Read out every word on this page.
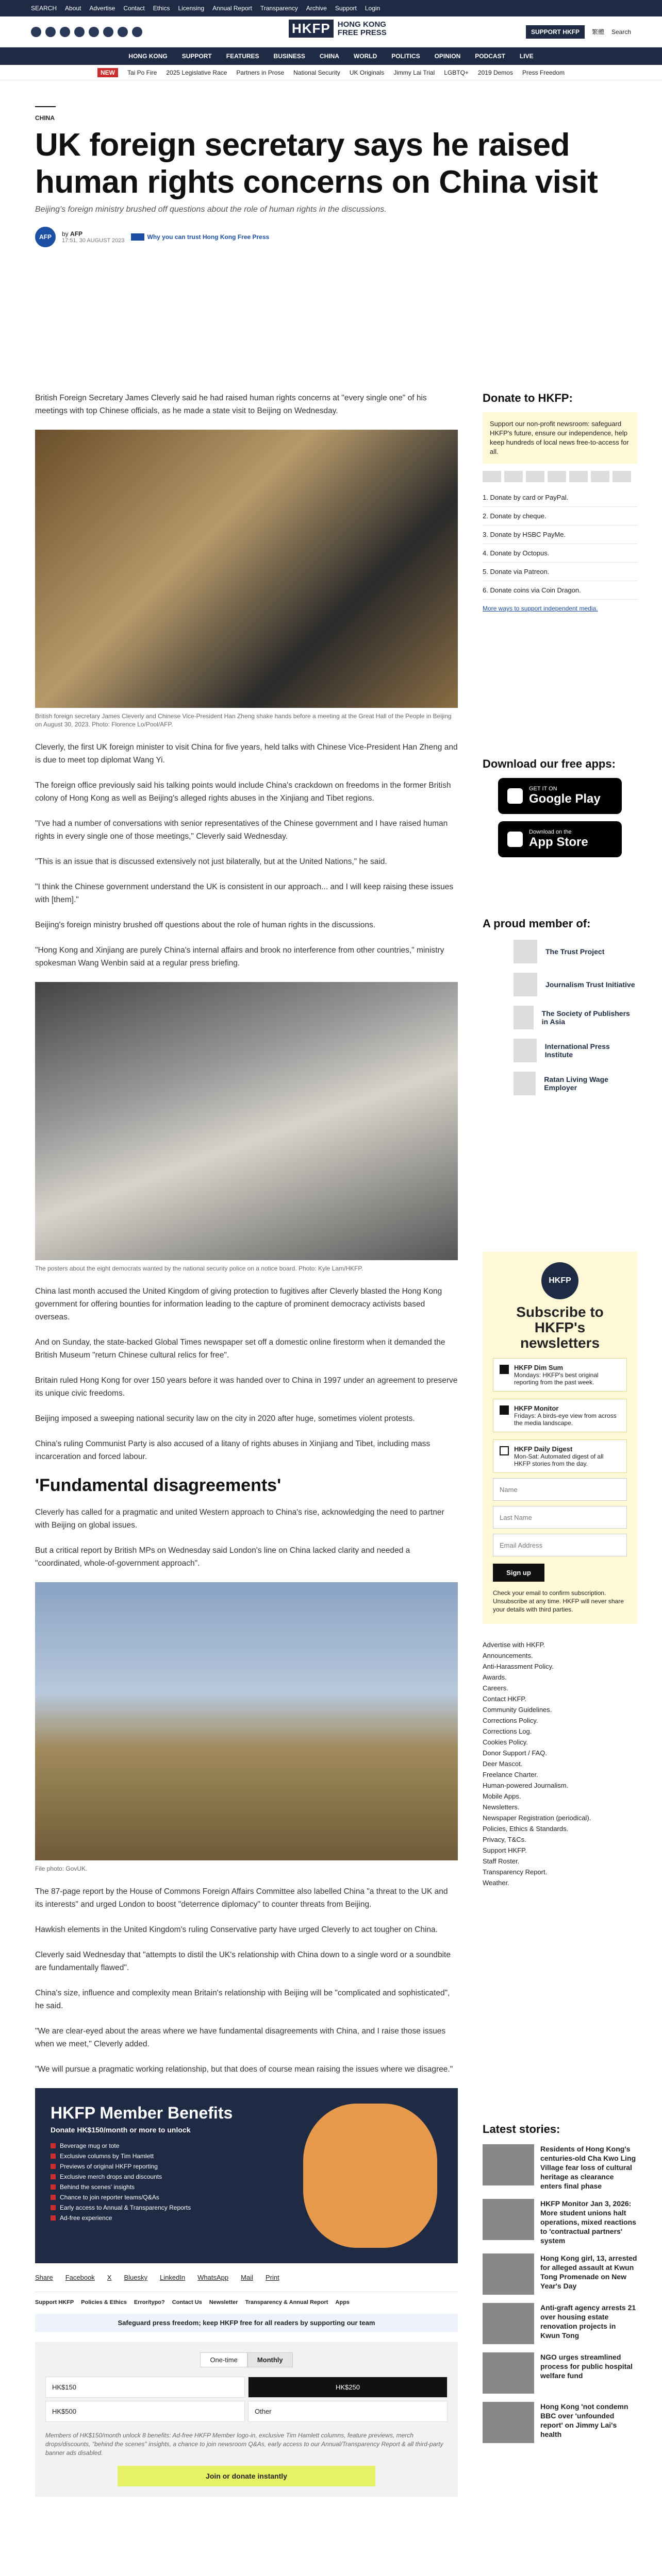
SEARCH About Advertise Contact Ethics Licensing Annual Report Transparency Archive Support Login
SUPPORT HKFP	繁體 Search
HKFP HONG KONG
FREE PRESS
HONG KONG SUPPORT FEATURES BUSINESS CHINA WORLD POLITICS OPINION PODCAST LIVE
NEW	Tai Po Fire 2025 Legislative Race Partners in Prose National Security UK Originals Jimmy Lai Trial LGBTQ+ 2019 Demos Press Freedom
CHINA
UK foreign secretary says he raised human rights concerns on China visit
Beijing's foreign ministry brushed off questions about the role of human rights in the discussions.
AFP	by AFP
17:51, 30 AUGUST 2023	Why you can trust Hong Kong Free Press

British Foreign Secretary James Cleverly said he had raised human rights concerns at "every single one" of his meetings with top Chinese officials, as he made a state visit to Beijing on Wednesday.

British foreign secretary James Cleverly and Chinese Vice-President Han Zheng shake hands before a meeting at the Great Hall of the People in Beijing on August 30, 2023. Photo: Florence Lo/Pool/AFP.

Cleverly, the first UK foreign minister to visit China for five years, held talks with Chinese Vice-President Han Zheng and is due to meet top diplomat Wang Yi.

The foreign office previously said his talking points would include China's crackdown on freedoms in the former British colony of Hong Kong as well as Beijing's alleged rights abuses in the Xinjiang and Tibet regions.

"I've had a number of conversations with senior representatives of the Chinese government and I have raised human rights in every single one of those meetings," Cleverly said Wednesday.

"This is an issue that is discussed extensively not just bilaterally, but at the United Nations," he said.

"I think the Chinese government understand the UK is consistent in our approach... and I will keep raising these issues with [them]."

Beijing's foreign ministry brushed off questions about the role of human rights in the discussions.

"Hong Kong and Xinjiang are purely China's internal affairs and brook no interference from other countries," ministry spokesman Wang Wenbin said at a regular press briefing.

The posters about the eight democrats wanted by the national security police on a notice board. Photo: Kyle Lam/HKFP.

China last month accused the United Kingdom of giving protection to fugitives after Cleverly blasted the Hong Kong government for offering bounties for information leading to the capture of prominent democracy activists based overseas.

And on Sunday, the state-backed Global Times newspaper set off a domestic online firestorm when it demanded the British Museum "return Chinese cultural relics for free".

Britain ruled Hong Kong for over 150 years before it was handed over to China in 1997 under an agreement to preserve its unique civic freedoms.

Beijing imposed a sweeping national security law on the city in 2020 after huge, sometimes violent protests.

China's ruling Communist Party is also accused of a litany of rights abuses in Xinjiang and Tibet, including mass incarceration and forced labour.

'Fundamental disagreements'

Cleverly has called for a pragmatic and united Western approach to China's rise, acknowledging the need to partner with Beijing on global issues.

But a critical report by British MPs on Wednesday said London's line on China lacked clarity and needed a "coordinated, whole-of-government approach".

File photo: GovUK.

The 87-page report by the House of Commons Foreign Affairs Committee also labelled China "a threat to the UK and its interests" and urged London to boost "deterrence diplomacy" to counter threats from Beijing.

Hawkish elements in the United Kingdom's ruling Conservative party have urged Cleverly to act tougher on China.

Cleverly said Wednesday that "attempts to distil the UK's relationship with China down to a single word or a soundbite are fundamentally flawed".

China's size, influence and complexity mean Britain's relationship with Beijing will be "complicated and sophisticated", he said.

"We are clear-eyed about the areas where we have fundamental disagreements with China, and I raise those issues when we meet," Cleverly added.

"We will pursue a pragmatic working relationship, but that does of course mean raising the issues where we disagree."

HKFP Member Benefits
Donate HK$150/month or more to unlock
Beverage mug or tote
Exclusive columns by Tim Hamlett
Previews of original HKFP reporting
Exclusive merch drops and discounts
Behind the scenes' insights
Chance to join reporter teams/Q&As
Early access to Annual & Transparency Reports
Ad-free experience
Share Facebook X Bluesky LinkedIn WhatsApp Mail Print
Support HKFP Policies & Ethics Error/typo? Contact Us Newsletter Transparency & Annual Report Apps
Safeguard press freedom; keep HKFP free for all readers by supporting our team
One-time	Monthly
HK$150	HK$250
HK$500	Other
Members of HK$150/month unlock 8 benefits: Ad-free HKFP Member logo-in, exclusive Tim Hamlett columns, feature previews, merch drops/discounts, "behind the scenes" insights, a chance to join newsroom Q&As, early access to our Annual/Transparency Report & all third-party banner ads disabled.
Join or donate instantly
Donate to HKFP:
Support our non-profit newsroom: safeguard HKFP's future, ensure our independence, help keep hundreds of local news free-to-access for all.
1. Donate by card or PayPal.
2. Donate by cheque.
3. Donate by HSBC PayMe.
4. Donate by Octopus.
5. Donate via Patreon.
6. Donate coins via Coin Dragon.
More ways to support independent media.
Download our free apps:
GET IT ON
Google Play
Download on the
App Store
A proud member of:
The Trust Project
Journalism Trust Initiative
The Society of Publishers in Asia
International Press Institute
Ratan Living Wage Employer
HKFP
Subscribe to HKFP's newsletters
HKFP Dim Sum
Mondays: HKFP's best original reporting from the past week.
HKFP Monitor
Fridays: A birds-eye view from across the media landscape.
HKFP Daily Digest
Mon-Sat: Automated digest of all HKFP stories from the day.
Name
Last Name
Email Address
Sign up
Check your email to confirm subscription. Unsubscribe at any time. HKFP will never share your details with third parties.
Advertise with HKFP.
Announcements.
Anti-Harassment Policy.
Awards.
Careers.
Contact HKFP.
Community Guidelines.
Corrections Policy.
Corrections Log.
Cookies Policy.
Donor Support / FAQ.
Deer Mascot.
Freelance Charter.
Human-powered Journalism.
Mobile Apps.
Newsletters.
Newspaper Registration (periodical).
Policies, Ethics & Standards.
Privacy, T&Cs.
Support HKFP.
Staff Roster.
Transparency Report.
Weather.
Latest stories:
Residents of Hong Kong's centuries-old Cha Kwo Ling Village fear loss of cultural heritage as clearance enters final phase
HKFP Monitor Jan 3, 2026: More student unions halt operations, mixed reactions to 'contractual partners' system
Hong Kong girl, 13, arrested for alleged assault at Kwun Tong Promenade on New Year's Day
Anti-graft agency arrests 21 over housing estate renovation projects in Kwun Tong
NGO urges streamlined process for public hospital welfare fund
Hong Kong 'not condemn BBC over 'unfounded report' on Jimmy Lai's health
